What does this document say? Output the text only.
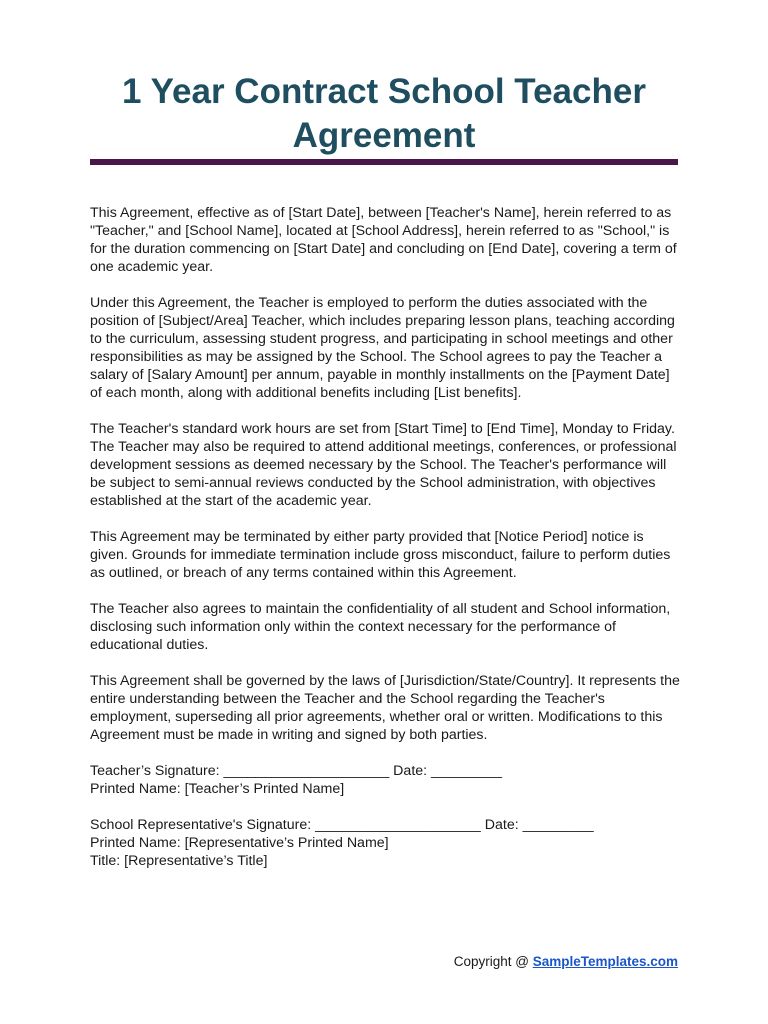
1 Year Contract School Teacher Agreement

This Agreement, effective as of [Start Date], between [Teacher's Name], herein referred to as "Teacher," and [School Name], located at [School Address], herein referred to as "School," is for the duration commencing on [Start Date] and concluding on [End Date], covering a term of one academic year.

Under this Agreement, the Teacher is employed to perform the duties associated with the position of [Subject/Area] Teacher, which includes preparing lesson plans, teaching according to the curriculum, assessing student progress, and participating in school meetings and other responsibilities as may be assigned by the School. The School agrees to pay the Teacher a salary of [Salary Amount] per annum, payable in monthly installments on the [Payment Date] of each month, along with additional benefits including [List benefits].

The Teacher's standard work hours are set from [Start Time] to [End Time], Monday to Friday. The Teacher may also be required to attend additional meetings, conferences, or professional development sessions as deemed necessary by the School. The Teacher's performance will be subject to semi-annual reviews conducted by the School administration, with objectives established at the start of the academic year.

This Agreement may be terminated by either party provided that [Notice Period] notice is given. Grounds for immediate termination include gross misconduct, failure to perform duties as outlined, or breach of any terms contained within this Agreement.

The Teacher also agrees to maintain the confidentiality of all student and School information, disclosing such information only within the context necessary for the performance of educational duties.

This Agreement shall be governed by the laws of [Jurisdiction/State/Country]. It represents the entire understanding between the Teacher and the School regarding the Teacher's employment, superseding all prior agreements, whether oral or written. Modifications to this Agreement must be made in writing and signed by both parties.

Teacher’s Signature: _____________________ Date: _________
Printed Name: [Teacher’s Printed Name]
School Representative's Signature: _____________________ Date: _________
Printed Name: [Representative’s Printed Name]
Title: [Representative’s Title]
Copyright @ SampleTemplates.com
